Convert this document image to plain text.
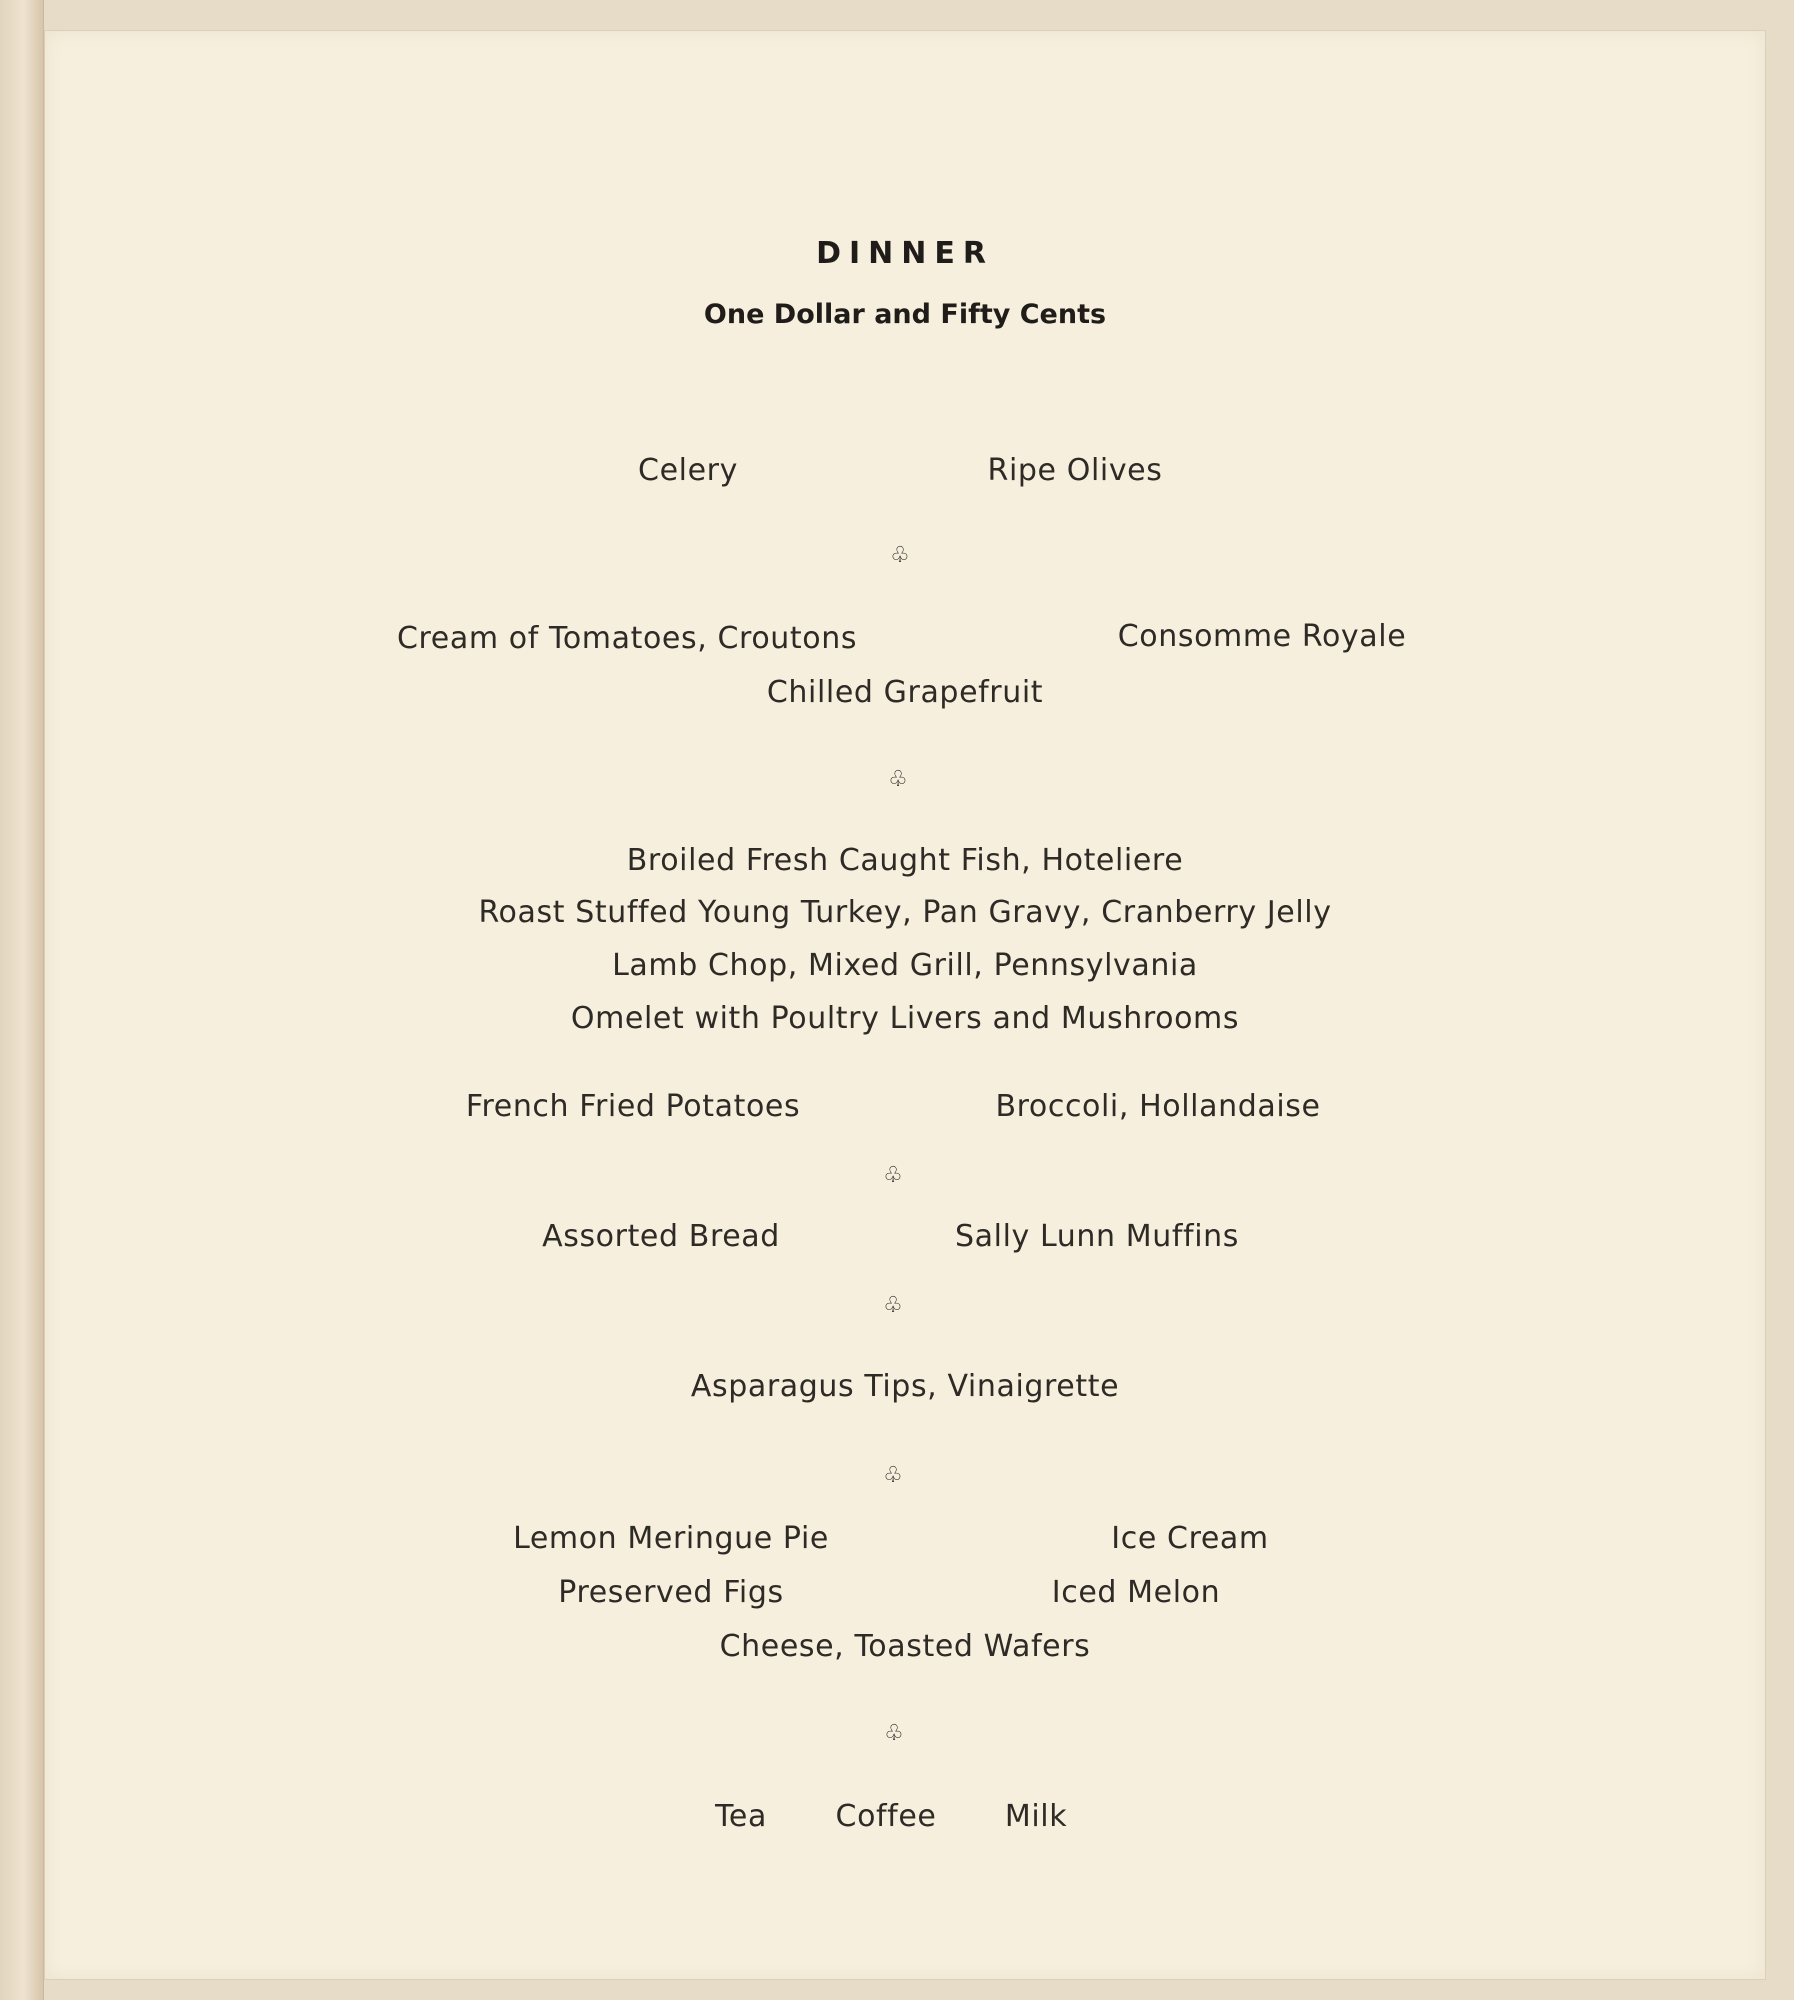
DINNER
One Dollar and Fifty Cents
Celery	Ripe Olives
♧
Cream of Tomatoes, Croutons	Consomme Royale
Chilled Grapefruit
♧
Broiled Fresh Caught Fish, Hoteliere
Roast Stuffed Young Turkey, Pan Gravy, Cranberry Jelly
Lamb Chop, Mixed Grill, Pennsylvania
Omelet with Poultry Livers and Mushrooms
French Fried Potatoes	Broccoli, Hollandaise
♧
Assorted Bread	Sally Lunn Muffins
♧
Asparagus Tips, Vinaigrette
♧
Lemon Meringue Pie	Ice Cream
Preserved Figs	Iced Melon
Cheese, Toasted Wafers
♧
Tea Coffee Milk
